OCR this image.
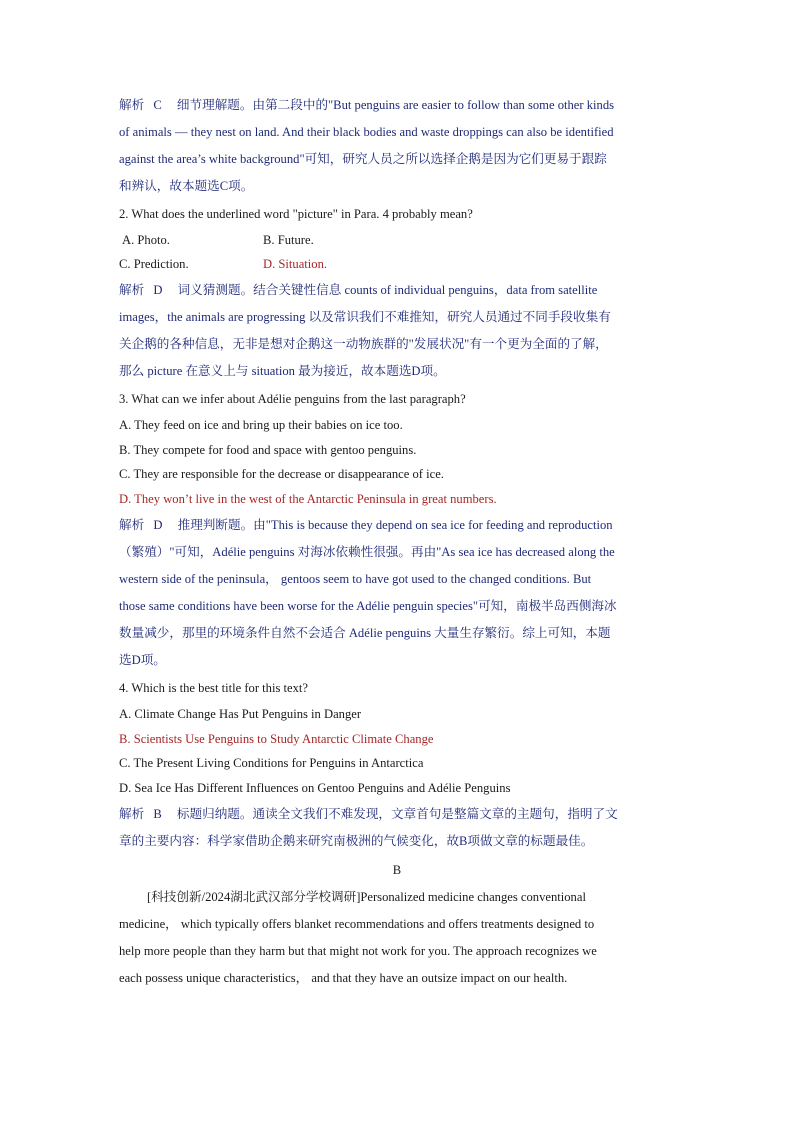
解析 C 细节理解题。由第二段中的"But penguins are easier to follow than some other kinds
of animals — they nest on land. And their black bodies and waste droppings can also be identified
against the area’s white background"可知，研究人员之所以选择企鹅是因为它们更易于跟踪
和辨认，故本题选C项。
2. What does the underlined word "picture" in Para. 4 probably mean?
A. Photo.	B. Future.
C. Prediction.	D. Situation.
解析 D 词义猜测题。结合关键性信息 counts of individual penguins，data from satellite
images，the animals are progressing 以及常识我们不难推知，研究人员通过不同手段收集有
关企鹅的各种信息，无非是想对企鹅这一动物族群的"发展状况"有一个更为全面的了解，
那么 picture 在意义上与 situation 最为接近，故本题选D项。
3. What can we infer about Adélie penguins from the last paragraph?
A. They feed on ice and bring up their babies on ice too.
B. They compete for food and space with gentoo penguins.
C. They are responsible for the decrease or disappearance of ice.
D. They won’t live in the west of the Antarctic Peninsula in great numbers.
解析 D 推理判断题。由"This is because they depend on sea ice for feeding and reproduction
（繁殖）"可知，Adélie penguins 对海冰依赖性很强。再由"As sea ice has decreased along the
western side of the peninsula， gentoos seem to have got used to the changed conditions. But
those same conditions have been worse for the Adélie penguin species"可知，南极半岛西侧海冰
数量减少，那里的环境条件自然不会适合 Adélie penguins 大量生存繁衍。综上可知，本题
选D项。
4. Which is the best title for this text?
A. Climate Change Has Put Penguins in Danger
B. Scientists Use Penguins to Study Antarctic Climate Change
C. The Present Living Conditions for Penguins in Antarctica
D. Sea Ice Has Different Influences on Gentoo Penguins and Adélie Penguins
解析 B 标题归纳题。通读全文我们不难发现，文章首句是整篇文章的主题句，指明了文
章的主要内容：科学家借助企鹅来研究南极洲的气候变化，故B项做文章的标题最佳。
B
[科技创新/2024湖北武汉部分学校调研]Personalized medicine changes conventional
medicine， which typically offers blanket recommendations and offers treatments designed to
help more people than they harm but that might not work for you. The approach recognizes we
each possess unique characteristics， and that they have an outsize impact on our health.
